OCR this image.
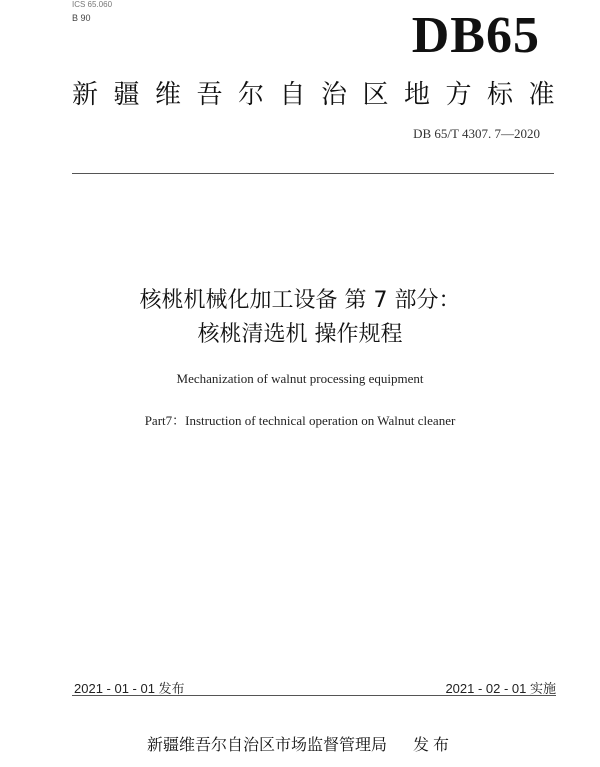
ICS 65.060
B 90	DB65
新疆维吾尔自治区地方标准
DB 65/T 4307. 7—2020
核桃机械化加工设备 第 7 部分：
核桃清选机 操作规程
Mechanization of walnut processing equipment
Part7：Instruction of technical operation on Walnut cleaner
2021 - 01 - 01 发布	2021 - 02 - 01 实施
新疆维吾尔自治区市场监督管理局 发布
